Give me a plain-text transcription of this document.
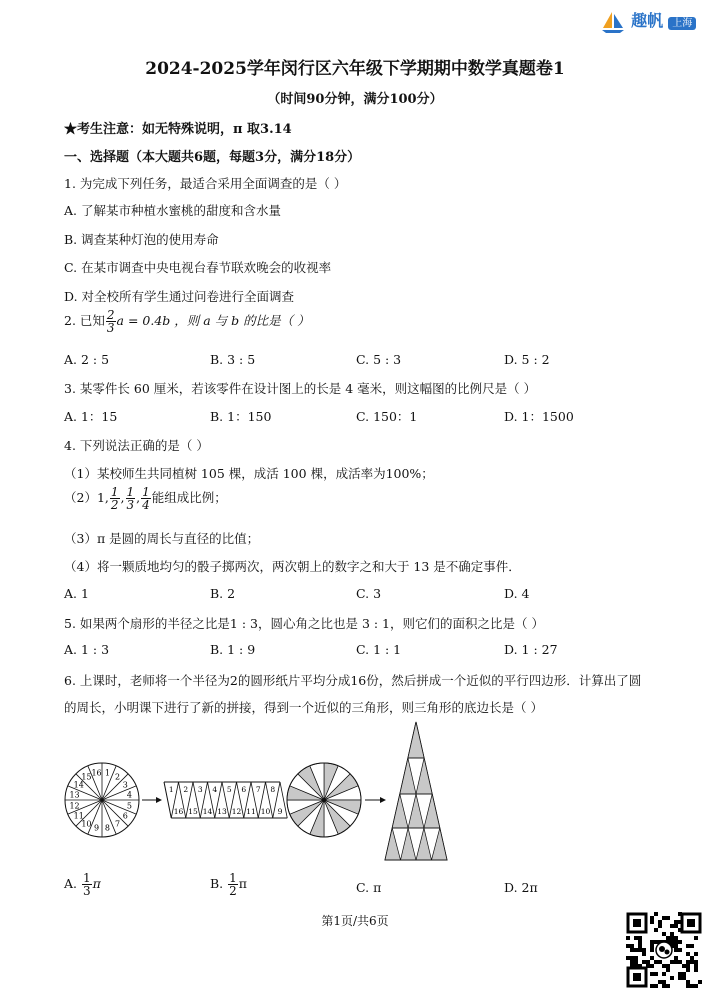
趣帆 上海
2024-2025学年闵行区六年级下学期期中数学真题卷1
（时间90分钟，满分100分）
★考生注意：如无特殊说明，π 取3.14
一、选择题（本大题共6题，每题3分，满分18分）
1. 为完成下列任务，最适合采用全面调查的是（ ）
A. 了解某市种植水蜜桃的甜度和含水量
B. 调查某种灯泡的使用寿命
C. 在某市调查中央电视台春节联欢晚会的收视率
D. 对全校所有学生通过问卷进行全面调查
2. 已知 $\frac{2}{3}$ a = 0.4b ，则 a 与 b 的比是（ ）
A. 2 : 5	B. 3 : 5	C. 5 : 3	D. 5 : 2
3. 某零件长 60 厘米，若该零件在设计图上的长是 4 毫米，则这幅图的比例尺是（ ）
A. 1：15	B. 1：150	C. 150：1	D. 1：1500
4. 下列说法正确的是（ ）
（1）某校师生共同植树 105 棵，成活 100 棵，成活率为100%；
（2）1, $\frac{1}{2}$ , $\frac{1}{3}$ , $\frac{1}{4}$ 能组成比例；
（3）π 是圆的周长与直径的比值；
（4）将一颗质地均匀的骰子掷两次，两次朝上的数字之和大于 13 是不确定事件．
A. 1	B. 2	C. 3	D. 4
5. 如果两个扇形的半径之比是1 : 3，圆心角之比也是 3 : 1，则它们的面积之比是（ ）
A. 1 : 3	B. 1 : 9	C. 1 : 1	D. 1 : 27
6. 上课时，老师将一个半径为2的圆形纸片平均分成16份，然后拼成一个近似的平行四边形．计算出了圆
的周长，小明课下进行了新的拼接，得到一个近似的三角形，则三角形的底边长是（ ）
1 2
3
4
5
6
7
8
9
10
11
12
13
14
15 16
1 2 3 4 5 6 7 8
16 15 14 13 12 11 10 9
A. $\frac{1}{3}$ π	B. $\frac{1}{2}$ π	C. π	D. 2π
第1页/共6页
